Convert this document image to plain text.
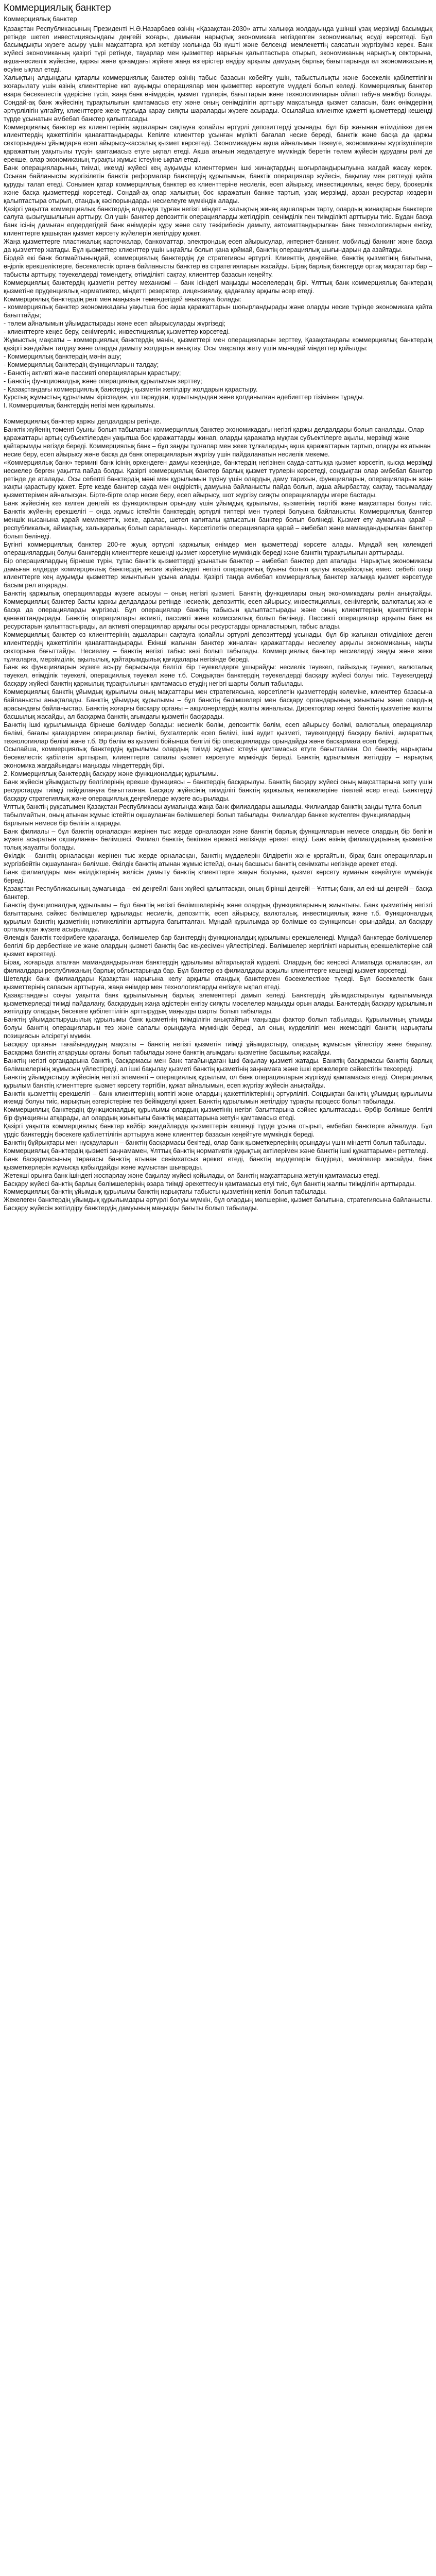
Коммерциялық банктер
Коммерциялық банктер

Қазақстан Республикасының Президенті Н.Ә.Назарбаев өзінің «Қазақстан-2030» атты халыққа жолдауында ұшінші ұзақ мерзімді басымдық ретінде шетел инвестициясындағы деңгейі жоғары, дамыған нарықтық экономикаға негізделген экономикалық өсуді көрсетеді. Бұл басымдықты жүзеге асыру үшін мақсаттарға қол жеткізу жолында біз күшті және белсенді мемлекеттің саясатын жүргізуіміз керек. Банк жүйесі экономиканың қазіргі түрі ретінде, тауарлар мен қызметтер нарығын қалыптастыра отырып, экономиканың нарықтық секторына, ақша-несиелік жүйесіне, қаржы және қоғамдағы жүйеге жаңа өзгерістер ендіру арқылы дамудың барлық бағыттарында ел экономикасының өсуіне ықпал етеді.

Халықтың алдындағы қатарлы коммерциялық банктер өзінің табыс базасын көбейту үшін, табыстылықты және бәсекелік қабілеттілігін жоғарылату үшін өзінің клиенттеріне көп ауқымды операциялар мен қызметтер көрсетуге мүдделі болып келеді. Коммерциялық банктер өзара бәсекелестік үдерісіне түсіп, жаңа банк өнімдерін, қызмет түрлерін, бағыттарын және технологияларын ойлап табуға мәжбүр болады. Сондай-ақ банк жүйесінің тұрақтылығын қамтамасыз ету және оның сенімділігін арттыру мақсатында қызмет сапасын, банк өнімдерінің әртүрлілігін ұлғайту, клиенттерге жеке тұрғыда қарау сияқты шараларды жүзеге асырады. Осылайша клиентке қажетті қызметтерді кешенді түрде ұсынатын әмбебап банктер қалыптасады.

Коммерциялық банктер өз клиенттерінің ақшаларын сақтауға қолайлы әртүрлі депозиттерді ұсынады, бұл бір жағынан өтімділікке деген клиенттердің қажеттілігін қанағаттандырады. Кепілге клиенттер ұсынған мүлікті бағалап несие береді, банктік және басқа да қаржы секторындағы ұйымдарға есеп айырысу-кассалық қызмет көрсетеді. Экономикадағы ақша айналымын тежеуге, экономиканы жүргізушілерге қаражаттың уақытылы түсуін қамтамасыз етуге ықпал етеді. Ақша ағынын жеделдетуге мүмкіндік беретін төлем жүйесін құрудағы рөлі де ерекше, олар экономиканың тұрақты жұмыс істеуіне ықпал етеді.

Банк операцияларының тиімді, икемді жүйесі кең ауқымды клиенттермен ішкі жинақтардың шоғырландырылуына жағдай жасау керек. Осыған байланысты жүргізілетін банктік реформалар банктердің құрылымын, банктік операциялар жүйесін, бақылау мен реттеуді қайта құруды талап етеді. Сонымен қатар коммерциялық банктер өз клиенттеріне несиелік, есеп айырысу, инвестициялық, кеңес беру, брокерлік және басқа қызметтерді көрсетеді. Сондай-ақ олар халықтың бос қаражатын банкке тартып, ұзақ мерзімді, арзан ресурстар көздерін қалыптастыра отырып, отандық кәсіпорындарды несиелеуге мүмкіндік алады.

Қазіргі уақытта коммерциялық банктердің алдында тұрған негізгі міндет – халықтың жинақ ақшаларын тарту, олардың жинақтарын банктерге салуға қызығушылығын арттыру. Ол үшін банктер депозиттік операцияларды жетілдіріп, сенімділік пен тиімділікті арттыруы тиіс. Бұдан басқа банк ісінің дамыған елдердегідей банк өнімдерін құру және сату тәжірибесін дамыту, автоматтандырылған банк технологияларын енгізу, клиенттерге қашықтан қызмет көрсету жүйелерін жетілдіру қажет.

Жаңа қызметтерге пластикалық карточкалар, банкоматтар, электрондық есеп айырысулар, интернет-банкинг, мобильді банкинг және басқа да қызметтер жатады. Бұл қызметтер клиенттер үшін ыңғайлы болып қана қоймай, банктің операциялық шығындарын да азайтады.

Бірдей екі банк болмайтынындай, коммерциялық банктердің де стратегиясы әртүрлі. Клиенттің деңгейіне, банктің қызметінің бағытына, өңірлік ерекшеліктерге, бәсекелестік ортаға байланысты банктер өз стратегияларын жасайды. Бірақ барлық банктерде ортақ мақсаттар бар – табысты арттыру, тәуекелдерді төмендету, өтімділікті сақтау, клиенттер базасын кеңейту.

Коммерциялық банктердің қызметін реттеу механизмі – банк ісіндегі маңызды мәселелердің бірі. Ұлттық банк коммерциялық банктердің қызметіне пруденциялық нормативтер, міндетті резервтер, лицензиялау, қадағалау арқылы әсер етеді.

Коммерциялық банктердің рөлі мен маңызын төмендегідей анықтауға болады:

- коммерциялық банктер экономикадағы уақытша бос ақша қаражаттарын шоғырландырады және оларды несие түрінде экономикаға қайта бағыттайды;

- төлем айналымын ұйымдастырады және есеп айырысуларды жүргізеді;

- клиенттерге кеңес беру, сенімгерлік, инвестициялық қызметтер көрсетеді.

Жұмыстың мақсаты – коммерциялық банктердің мәнін, қызметтері мен операцияларын зерттеу, Қазақстандағы коммерциялық банктердің қазіргі жағдайын талдау және оларды дамыту жолдарын анықтау. Осы мақсатқа жету үшін мынадай міндеттер қойылды:

- Коммерциялық банктердің мәнін ашу;

- Коммерциялық банктердің функцияларын талдау;

- Банктің активті және пассивті операцияларын қарастыру;

- Банктің функционалдық және операциялық құрылымын зерттеу;

- Қазақстандағы коммерциялық банктердің қызметін жетілдіру жолдарын қарастыру.

Курстық жұмыстың құрылымы кіріспеден, үш тараудан, қорытындыдан және қолданылған әдебиеттер тізімінен тұрады.

I. Коммерциялық банктердің негізі мен құрылымы.

Коммерциялық банктер қаржы делдалдары ретінде.

Банктік жүйенің төменгі буыны болып табылатын коммерциялық банктер экономикадағы негізгі қаржы делдалдары болып саналады. Олар қаражаттары артық субъектілерден уақытша бос қаражаттарды жинап, оларды қаражатқа мұқтаж субъектілерге ақылы, мерзімді және қайтарымды негізде береді. Коммерциялық банк – бұл заңды тұлғалар мен жеке тұлғалардың ақша қаражаттарын тартып, оларды өз атынан несие беру, есеп айырысу және басқа да банк операцияларын жүргізу үшін пайдаланатын несиелік мекеме.

«Коммерциялық банк» термині банк ісінің өркендеген дамуы кезеңінде, банктердің негізінен сауда-саттыққа қызмет көрсетіп, қысқа мерзімді несиелер берген уақытта пайда болды. Қазіргі коммерциялық банктер барлық қызмет түрлерін көрсетеді, сондықтан олар әмбебап банктер ретінде де аталады. Осы себепті банктердің мәні мен құрылымын түсіну үшін олардың даму тарихын, функцияларын, операцияларын жан-жақты қарастыру қажет. Ерте кезде банктер сауда мен өндірістің дамуына байланысты пайда болып, ақша айырбастау, сақтау, тасымалдау қызметтерімен айналысқан. Бірте-бірте олар несие беру, есеп айырысу, шот жүргізу сияқты операцияларды игере бастады.

Банк жүйесінің кез келген деңгейі өз функцияларын орындау үшін ұйымдық құрылымы, қызметінің тәртібі және мақсаттары болуы тиіс. Банктік жүйенің ерекшелігі – онда жұмыс істейтін банктердің әртүрлі типтері мен түрлері болуына байланысты. Коммерциялық банктер меншік нысанына қарай мемлекеттік, жеке, аралас, шетел капиталы қатысатын банктер болып бөлінеді. Қызмет ету аумағына қарай – республикалық, аймақтық, халықаралық болып сараланады. Көрсетілетін операцияларға қарай – әмбебап және мамандандырылған банктер болып бөлінеді.

Бүгінгі коммерциялық банктер 200-ге жуық әртүрлі қаржылық өнімдер мен қызметтерді көрсете алады. Мұндай кең көлемдегі операциялардың болуы банктердің клиенттерге кешенді қызмет көрсетуіне мүмкіндік береді және банктің тұрақтылығын арттырады.

Бір операциялардың бірнеше түрін, тұтас банктік қызметтерді ұсынатын банктер – әмбебап банктер деп аталады. Нарықтық экономикасы дамыған елдерде коммерциялық банктердің несие жүйесіндегі негізгі операциялық буыны болып қалуы кездейсоқтық емес, себебі олар клиенттерге кең ауқымды қызметтер жиынтығын ұсына алады. Қазіргі таңда әмбебап коммерциялық банктер халыққа қызмет көрсетуде басым рөл атқарады.

Банктің қаржылық операцияларды жүзеге асыруы – оның негізгі қызметі. Банктің функциялары оның экономикадағы рөлін анықтайды. Коммерциялық банктер басты қаржы делдалдары ретінде несиелік, депозиттік, есеп айырысу, инвестициялық, сенімгерлік, валюталық және басқа да операцияларды жүргізеді. Бұл операциялар банктің табысын қалыптастырады және оның клиенттерінің қажеттіліктерін қанағаттандырады. Банктің операциялары активті, пассивті және комиссиялық болып бөлінеді. Пассивті операциялар арқылы банк өз ресурстарын қалыптастырады, ал активті операциялар арқылы осы ресурстарды орналастырып, табыс алады.

Коммерциялық банктер өз клиенттерінің ақшаларын сақтауға қолайлы әртүрлі депозиттерді ұсынады, бұл бір жағынан өтімділікке деген клиенттердің қажеттілігін қанағаттандырады. Екінші жағынан банктер жиналған қаражаттарды несиелеу арқылы экономиканың нақты секторына бағыттайды. Несиелеу – банктің негізгі табыс көзі болып табылады. Коммерциялық банктер несиелерді заңды және жеке тұлғаларға, мерзімділік, ақылылық, қайтарымдылық қағидалары негізінде береді.

Банк өз функцияларын жүзеге асыру барысында белгілі бір тәуекелдерге ұшырайды: несиелік тәуекел, пайыздық тәуекел, валюталық тәуекел, өтімділік тәуекелі, операциялық тәуекел және т.б. Сондықтан банктердің тәуекелдерді басқару жүйесі болуы тиіс. Тәуекелдерді басқару жүйесі банктің қаржылық тұрақтылығын қамтамасыз етудің негізгі шарты болып табылады.

Коммерциялық банктің ұйымдық құрылымы оның мақсаттары мен стратегиясына, көрсетілетін қызметтердің көлеміне, клиенттер базасына байланысты анықталады. Банктің ұйымдық құрылымы – бұл банктің бөлімшелері мен басқару органдарының жиынтығы және олардың арасындағы байланыстар. Банктің жоғарғы басқару органы – акционерлердің жалпы жиналысы. Директорлар кеңесі банктің қызметіне жалпы басшылық жасайды, ал басқарма банктің ағымдағы қызметін басқарады.

Банктің ішкі құрылымында бірнеше бөлімдер болады: несиелік бөлім, депозиттік бөлім, есеп айырысу бөлімі, валюталық операциялар бөлімі, бағалы қағаздармен операциялар бөлімі, бухгалтерлік есеп бөлімі, ішкі аудит қызметі, тәуекелдерді басқару бөлімі, ақпараттық технологиялар бөлімі және т.б. Әр бөлім өз қызметі бойынша белгілі бір операцияларды орындайды және басқармаға есеп береді.

Осылайша, коммерциялық банктердің құрылымы олардың тиімді жұмыс істеуін қамтамасыз етуге бағытталған. Ол банктің нарықтағы бәсекелестік қабілетін арттырып, клиенттерге сапалы қызмет көрсетуге мүмкіндік береді. Банктің құрылымын жетілдіру – нарықтық экономика жағдайындағы маңызды міндеттердің бірі.

2. Коммерциялық банктердің басқару және функционалдық құрылымы.

Банк жүйесін ұйымдастыру белгілерінің ерекше функциясы – банктердің басқарылуы. Банктің басқару жүйесі оның мақсаттарына жету үшін ресурстарды тиімді пайдалануға бағытталған. Басқару жүйесінің тиімділігі банктің қаржылық нәтижелеріне тікелей әсер етеді. Банктерді басқару стратегиялық және операциялық деңгейлерде жүзеге асырылады.

Ұлттық банктің рұқсатымен Қазақстан Республикасы аумағында жаңа банк филиалдары ашылады. Филиалдар банктің заңды тұлға болып табылмайтын, оның атынан жұмыс істейтін оқшауланған бөлімшелері болып табылады. Филиалдар банкке жүктелген функциялардың барлығын немесе бір бөлігін атқарады.

Банк филиалы – бұл банктің орналасқан жерінен тыс жерде орналасқан және банктің барлық функцияларын немесе олардың бір бөлігін жүзеге асыратын оқшауланған бөлімшесі. Филиал банктің бекіткен ережесі негізінде әрекет етеді. Банк өзінің филиалдарының қызметіне толық жауапты болады.

Өкілдік – банктің орналасқан жерінен тыс жерде орналасқан, банктің мүдделерін білдіретін және қорғайтын, бірақ банк операцияларын жүргізбейтін оқшауланған бөлімше. Өкілдік банктің атынан жұмыс істейді, оның басшысы банктің сенімхаты негізінде әрекет етеді.

Банк филиалдары мен өкілдіктерінің желісін дамыту банктің клиенттерге жақын болуына, қызмет көрсету аумағын кеңейтуге мүмкіндік береді.

Қазақстан Республикасының аумағында – екі деңгейлі банк жүйесі қалыптасқан, оның бірінші деңгейі – Ұлттық банк, ал екінші деңгейі – басқа банктер.

Банктің функционалдық құрылымы – бұл банктің негізгі бөлімшелерінің және олардың функцияларының жиынтығы. Банк қызметінің негізгі бағыттарына сәйкес бөлімшелер құрылады: несиелік, депозиттік, есеп айырысу, валюталық, инвестициялық және т.б. Функционалдық құрылым банктің қызметінің нәтижелілігін арттыруға бағытталған. Мұндай құрылымда әр бөлімше өз функциясын орындайды, ал басқару орталықтан жүзеге асырылады.

Әлемдік банктік тәжірибеге қарағанда, бөлімшелер бар банктердің функционалдық құрылымы ерекшеленеді. Мұндай банктерде бөлімшелер белгілі бір дербестікке ие және олардың қызметі банктің бас кеңсесімен үйлестіріледі. Бөлімшелер жергілікті нарықтың ерекшеліктеріне сай қызмет көрсетеді.

Бірақ, жоғарыда аталған мамандандырылған банктердің құрылымы айтарлықтай күрделі. Олардың бас кеңсесі Алматыда орналасқан, ал филиалдары республиканың барлық облыстарында бар. Бұл банктер өз филиалдары арқылы клиенттерге кешенді қызмет көрсетеді.

Шетелдік банк филиалдары Қазақстан нарығына келу арқылы отандық банктермен бәсекелестікке түседі. Бұл бәсекелестік банк қызметтерінің сапасын арттыруға, жаңа өнімдер мен технологияларды енгізуге ықпал етеді.

Қазақстандағы соңғы уақытта банк құрылымының барлық элементтері дамып келеді. Банктердің ұйымдастырылуы құрылымында қызметкерлерді тиімді пайдалану, басқарудың жаңа әдістерін енгізу сияқты мәселелер маңызды орын алады. Банктердің басқару құрылымын жетілдіру олардың бәсекеге қабілеттілігін арттырудың маңызды шарты болып табылады.

Банктің ұйымдастырушылық құрылымы банк қызметінің тиімділігін анықтайтын маңызды фактор болып табылады. Құрылымның ұтымды болуы банктің операцияларын тез және сапалы орындауға мүмкіндік береді, ал оның күрделілігі мен икемсіздігі банктің нарықтағы позициясын әлсіретуі мүмкін.

Басқару органын тағайындаудың мақсаты – банктің негізгі қызметін тиімді ұйымдастыру, олардың жұмысын үйлестіру және бақылау. Басқарма банктің атқарушы органы болып табылады және банктің ағымдағы қызметіне басшылық жасайды.

Банктің негізгі органдарына банктің басқармасы мен банк тағайындаған ішкі бақылау қызметі жатады. Банктің басқармасы банктің барлық бөлімшелерінің жұмысын үйлестіреді, ал ішкі бақылау қызметі банктің қызметінің заңнамаға және ішкі ережелерге сәйкестігін тексереді.

Банктің ұйымдастыру жүйесінің негізгі элементі – операциялық құрылым, ол банк операцияларын жүргізуді қамтамасыз етеді. Операциялық құрылым банктің клиенттерге қызмет көрсету тәртібін, құжат айналымын, есеп жүргізу жүйесін анықтайды.

Банктік қызметтің ерекшелігі – банк клиенттерінің көптігі және олардың қажеттіліктерінің әртүрлілігі. Сондықтан банктің ұйымдық құрылымы икемді болуы тиіс, нарықтың өзгерістеріне тез бейімделуі қажет. Банктің құрылымын жетілдіру тұрақты процесс болып табылады.

Коммерциялық банктердің функционалдық құрылымы олардың қызметінің негізгі бағыттарына сәйкес қалыптасады. Әрбір бөлімше белгілі бір функцияны атқарады, ал олардың жиынтығы банктің мақсаттарына жетуін қамтамасыз етеді.

Қазіргі уақытта коммерциялық банктер кейбір жағдайларда қызметтерін кешенді түрде ұсына отырып, әмбебап банктерге айналуда. Бұл үрдіс банктердің бәсекеге қабілеттілігін арттыруға және клиенттер базасын кеңейтуге мүмкіндік береді.

Банктің бұйрықтары мен нұсқауларын – банктің басқармасы бекітеді, олар банк қызметкерлерінің орындауы үшін міндетті болып табылады.

Коммерциялық банктердің қызметі заңнамамен, Ұлттық банктің нормативтік құқықтық актілерімен және банктің ішкі құжаттарымен реттеледі.

Банк басқармасының төрағасы банктің атынан сенімхатсыз әрекет етеді, банктің мүдделерін білдіреді, мәмілелер жасайды, банк қызметкерлерін жұмысқа қабылдайды және жұмыстан шығарады.

Жетекші орынға банк ішіндегі жоспарлау және бақылау жүйесі қойылады, ол банктің мақсаттарына жетуін қамтамасыз етеді.

Басқару жүйесі банктің барлық бөлімшелерінің өзара тиімді әрекеттесуін қамтамасыз етуі тиіс, бұл банктің жалпы тиімділігін арттырады.

Коммерциялық банктің ұйымдық құрылымы банктің нарықтағы табысты қызметінің кепілі болып табылады.

Жекелеген банктердің ұйымдық құрылымдары әртүрлі болуы мүмкін, бұл олардың мөлшеріне, қызмет бағытына, стратегиясына байланысты.

Басқару жүйесін жетілдіру банктердің дамуының маңызды бағыты болып табылады.
